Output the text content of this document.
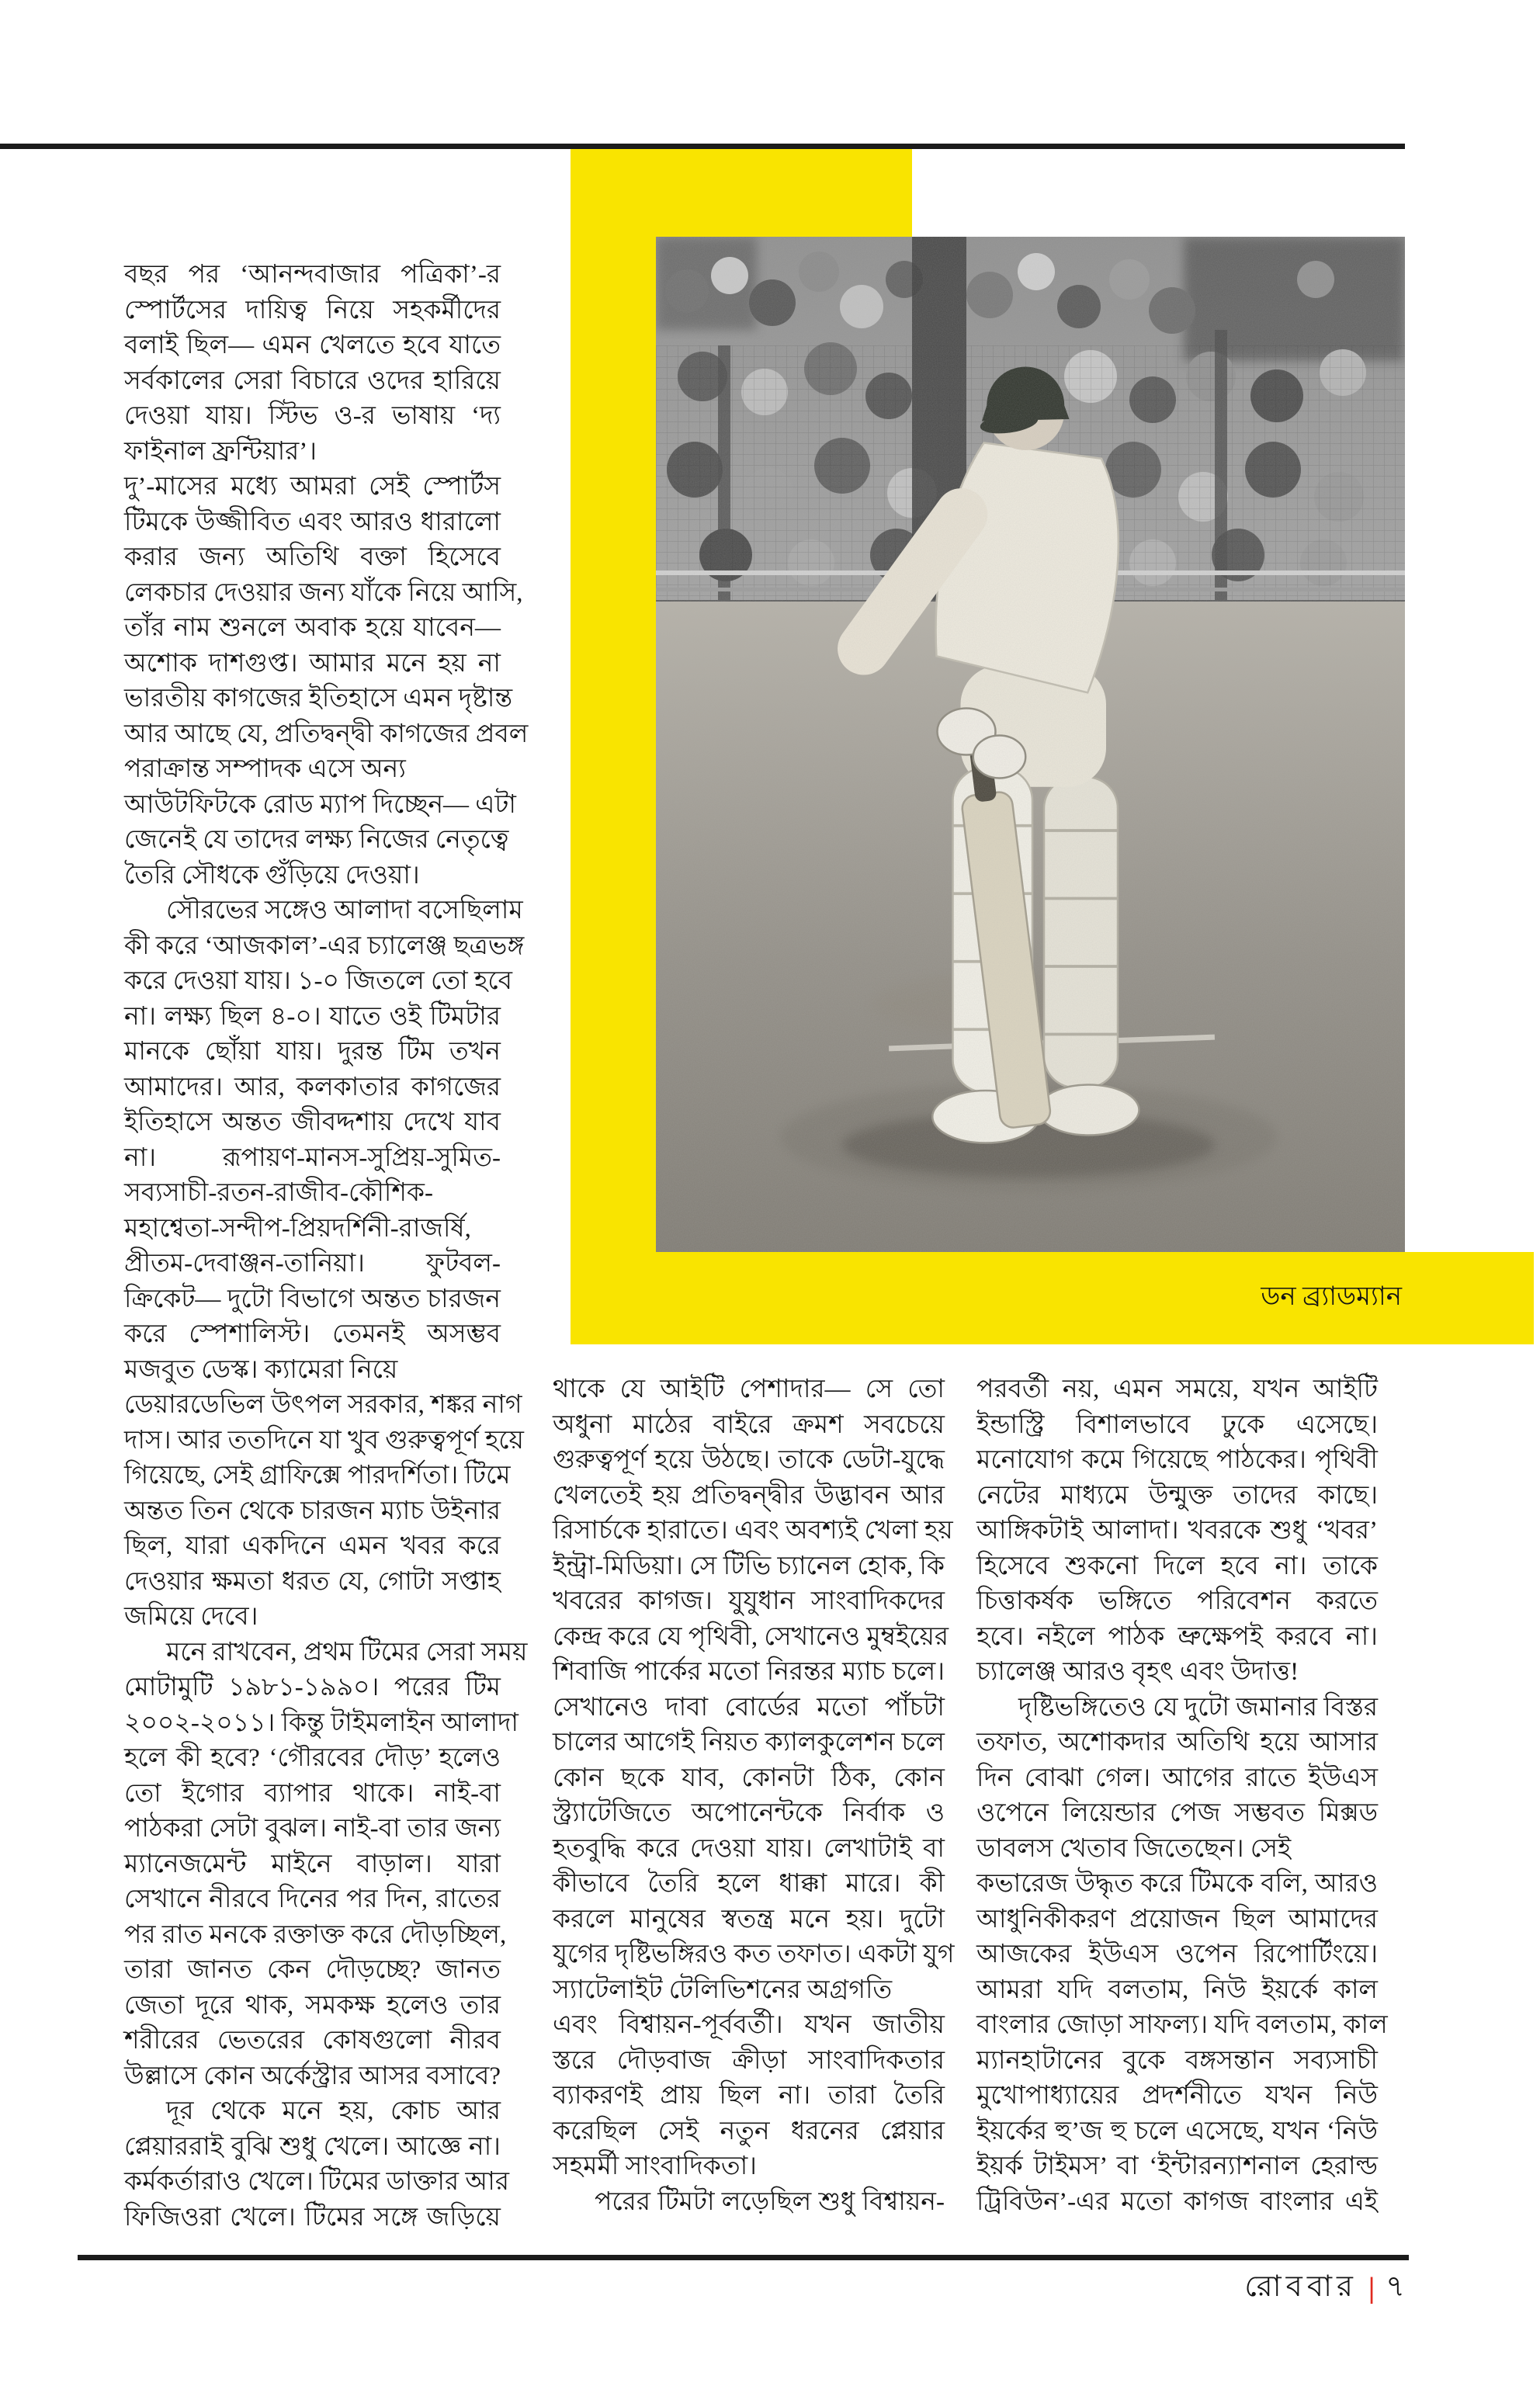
ডন ব্র্যাডম্যান
বছর পর ‘আনন্দবাজার পত্রিকা’-র
স্পোর্টসের দায়িত্ব নিয়ে সহকর্মীদের
বলাই ছিল— এমন খেলতে হবে যাতে
সর্বকালের সেরা বিচারে ওদের হারিয়ে
দেওয়া যায়। স্টিভ ও-র ভাষায় ‘দ্য
ফাইনাল ফ্রন্টিয়ার’।
দু’-মাসের মধ্যে আমরা সেই স্পোর্টস
টিমকে উজ্জীবিত এবং আরও ধারালো
করার জন্য অতিথি বক্তা হিসেবে
লেকচার দেওয়ার জন্য যাঁকে নিয়ে আসি,
তাঁর নাম শুনলে অবাক হয়ে যাবেন—
অশোক দাশগুপ্ত। আমার মনে হয় না
ভারতীয় কাগজের ইতিহাসে এমন দৃষ্টান্ত
আর আছে যে, প্রতিদ্বন্দ্বী কাগজের প্রবল
পরাক্রান্ত সম্পাদক এসে অন্য
আউটফিটকে রোড ম্যাপ দিচ্ছেন— এটা
জেনেই যে তাদের লক্ষ্য নিজের নেতৃত্বে
তৈরি সৌধকে গুঁড়িয়ে দেওয়া।
সৌরভের সঙ্গেও আলাদা বসেছিলাম
কী করে ‘আজকাল’-এর চ্যালেঞ্জ ছত্রভঙ্গ
করে দেওয়া যায়। ১-০ জিতলে তো হবে
না। লক্ষ্য ছিল ৪-০। যাতে ওই টিমটার
মানকে ছোঁয়া যায়। দুরন্ত টিম তখন
আমাদের। আর, কলকাতার কাগজের
ইতিহাসে অন্তত জীবদ্দশায় দেখে যাব
না। রূপায়ণ-মানস-সুপ্রিয়-সুমিত-
সব্যসাচী-রতন-রাজীব-কৌশিক-
মহাশ্বেতা-সন্দীপ-প্রিয়দর্শিনী-রাজর্ষি,
প্রীতম-দেবাঞ্জন-তানিয়া। ফুটবল-
ক্রিকেট— দুটো বিভাগে অন্তত চারজন
করে স্পেশালিস্ট। তেমনই অসম্ভব
মজবুত ডেস্ক। ক্যামেরা নিয়ে
ডেয়ারডেভিল উৎপল সরকার, শঙ্কর নাগ
দাস। আর ততদিনে যা খুব গুরুত্বপূর্ণ হয়ে
গিয়েছে, সেই গ্রাফিক্সে পারদর্শিতা। টিমে
অন্তত তিন থেকে চারজন ম্যাচ উইনার
ছিল, যারা একদিনে এমন খবর করে
দেওয়ার ক্ষমতা ধরত যে, গোটা সপ্তাহ
জমিয়ে দেবে।
মনে রাখবেন, প্রথম টিমের সেরা সময়
মোটামুটি ১৯৮১-১৯৯০। পরের টিম
২০০২-২০১১। কিন্তু টাইমলাইন আলাদা
হলে কী হবে? ‘গৌরবের দৌড়’ হলেও
তো ইগোর ব্যাপার থাকে। নাই-বা
পাঠকরা সেটা বুঝল। নাই-বা তার জন্য
ম্যানেজমেন্ট মাইনে বাড়াল। যারা
সেখানে নীরবে দিনের পর দিন, রাতের
পর রাত মনকে রক্তাক্ত করে দৌড়চ্ছিল,
তারা জানত কেন দৌড়চ্ছে? জানত
জেতা দূরে থাক, সমকক্ষ হলেও তার
শরীরের ভেতরের কোষগুলো নীরব
উল্লাসে কোন অর্কেস্ট্রার আসর বসাবে?
দূর থেকে মনে হয়, কোচ আর
প্লেয়াররাই বুঝি শুধু খেলে। আজ্ঞে না।
কর্মকর্তারাও খেলে। টিমের ডাক্তার আর
ফিজিওরা খেলে। টিমের সঙ্গে জড়িয়ে
থাকে যে আইটি পেশাদার— সে তো
অধুনা মাঠের বাইরে ক্রমশ সবচেয়ে
গুরুত্বপূর্ণ হয়ে উঠছে। তাকে ডেটা-যুদ্ধে
খেলতেই হয় প্রতিদ্বন্দ্বীর উদ্ভাবন আর
রিসার্চকে হারাতে। এবং অবশ্যই খেলা হয়
ইন্ট্রা-মিডিয়া। সে টিভি চ্যানেল হোক, কি
খবরের কাগজ। যুযুধান সাংবাদিকদের
কেন্দ্র করে যে পৃথিবী, সেখানেও মুম্বইয়ের
শিবাজি পার্কের মতো নিরন্তর ম্যাচ চলে।
সেখানেও দাবা বোর্ডের মতো পাঁচটা
চালের আগেই নিয়ত ক্যালকুলেশন চলে
কোন ছকে যাব, কোনটা ঠিক, কোন
স্ট্র্যাটেজিতে অপোনেন্টকে নির্বাক ও
হতবুদ্ধি করে দেওয়া যায়। লেখাটাই বা
কীভাবে তৈরি হলে ধাক্কা মারে। কী
করলে মানুষের স্বতন্ত্র মনে হয়। দুটো
যুগের দৃষ্টিভঙ্গিরও কত তফাত। একটা যুগ
স্যাটেলাইট টেলিভিশনের অগ্রগতি
এবং বিশ্বায়ন-পূর্ববর্তী। যখন জাতীয়
স্তরে দৌড়বাজ ক্রীড়া সাংবাদিকতার
ব্যাকরণই প্রায় ছিল না। তারা তৈরি
করেছিল সেই নতুন ধরনের প্লেয়ার
সহমর্মী সাংবাদিকতা।
পরের টিমটা লড়েছিল শুধু বিশ্বায়ন-
পরবর্তী নয়, এমন সময়ে, যখন আইটি
ইন্ডাস্ট্রি বিশালভাবে ঢুকে এসেছে।
মনোযোগ কমে গিয়েছে পাঠকের। পৃথিবী
নেটের মাধ্যমে উন্মুক্ত তাদের কাছে।
আঙ্গিকটাই আলাদা। খবরকে শুধু ‘খবর’
হিসেবে শুকনো দিলে হবে না। তাকে
চিত্তাকর্ষক ভঙ্গিতে পরিবেশন করতে
হবে। নইলে পাঠক ভ্রুক্ষেপই করবে না।
চ্যালেঞ্জ আরও বৃহৎ এবং উদাত্ত!
দৃষ্টিভঙ্গিতেও যে দুটো জমানার বিস্তর
তফাত, অশোকদার অতিথি হয়ে আসার
দিন বোঝা গেল। আগের রাতে ইউএস
ওপেনে লিয়েন্ডার পেজ সম্ভবত মিক্সড
ডাবলস খেতাব জিতেছেন। সেই
কভারেজ উদ্ধৃত করে টিমকে বলি, আরও
আধুনিকীকরণ প্রয়োজন ছিল আমাদের
আজকের ইউএস ওপেন রিপোর্টিংয়ে।
আমরা যদি বলতাম, নিউ ইয়র্কে কাল
বাংলার জোড়া সাফল্য। যদি বলতাম, কাল
ম্যানহাটানের বুকে বঙ্গসন্তান সব্যসাচী
মুখোপাধ্যায়ের প্রদর্শনীতে যখন নিউ
ইয়র্কের হু’জ হু চলে এসেছে, যখন ‘নিউ
ইয়র্ক টাইমস’ বা ‘ইন্টারন্যাশনাল হেরাল্ড
ট্রিবিউন’-এর মতো কাগজ বাংলার এই
রোববার | ৭
